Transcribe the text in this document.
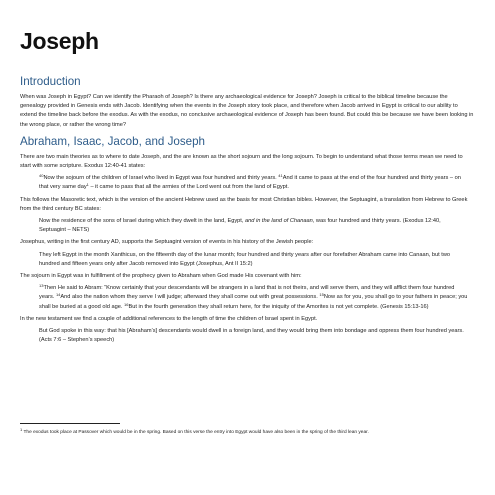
Joseph
Introduction

When was Joseph in Egypt? Can we identify the Pharaoh of Joseph? Is there any archaeological evidence for Joseph? Joseph is critical to the biblical timeline because the genealogy provided in Genesis ends with Jacob. Identifying when the events in the Joseph story took place, and therefore when Jacob arrived in Egypt is critical to our ability to extend the timeline back before the exodus. As with the exodus, no conclusive archaeological evidence of Joseph has been found. But could this be because we have been looking in the wrong place, or rather the wrong time?

Abraham, Isaac, Jacob, and Joseph

There are two main theories as to where to date Joseph, and the are known as the short sojourn and the long sojourn. To begin to understand what those terms mean we need to start with some scripture. Exodus 12:40-41 states:

$^{40}$Now the sojourn of the children of Israel who lived in Egypt was four hundred and thirty years. $^{41}$And it came to pass at the end of the four hundred and thirty years – on that very same day$^1$ – it came to pass that all the armies of the Lord went out from the land of Egypt.

This follows the Masoretic text, which is the version of the ancient Hebrew used as the basis for most Christian bibles. However, the Septuagint, a translation from Hebrew to Greek from the third century BC states:

Now the residence of the sons of Israel during which they dwelt in the land, Egypt, and in the land of Chanaan, was four hundred and thirty years. (Exodus 12:40, Septuagint – NETS)

Josephus, writing in the first century AD, supports the Septuagint version of events in his history of the Jewish people:

They left Egypt in the month Xanthicus, on the fifteenth day of the lunar month; four hundred and thirty years after our forefather Abraham came into Canaan, but two hundred and fifteen years only after Jacob removed into Egypt (Josephus, Ant II 15:2)

The sojourn in Egypt was in fulfillment of the prophecy given to Abraham when God made His covenant with him:

$^{13}$Then He said to Abram: “Know certainly that your descendants will be strangers in a land that is not theirs, and will serve them, and they will afflict them four hundred years. $^{14}$And also the nation whom they serve I will judge; afterward they shall come out with great possessions. $^{15}$Now as for you, you shall go to your fathers in peace; you shall be buried at a good old age. $^{16}$But in the fourth generation they shall return here, for the iniquity of the Amorites is not yet complete. (Genesis 15:13-16)

In the new testament we find a couple of additional references to the length of time the children of Israel spent in Egypt.

But God spoke in this way: that his [Abraham’s] descendants would dwell in a foreign land, and they would bring them into bondage and oppress them four hundred years. (Acts 7:6 – Stephen’s speech)

$^1$ The exodus took place at Passover which would be in the spring. Based on this verse the entry into Egypt would have also been in the spring of the third lean year.
